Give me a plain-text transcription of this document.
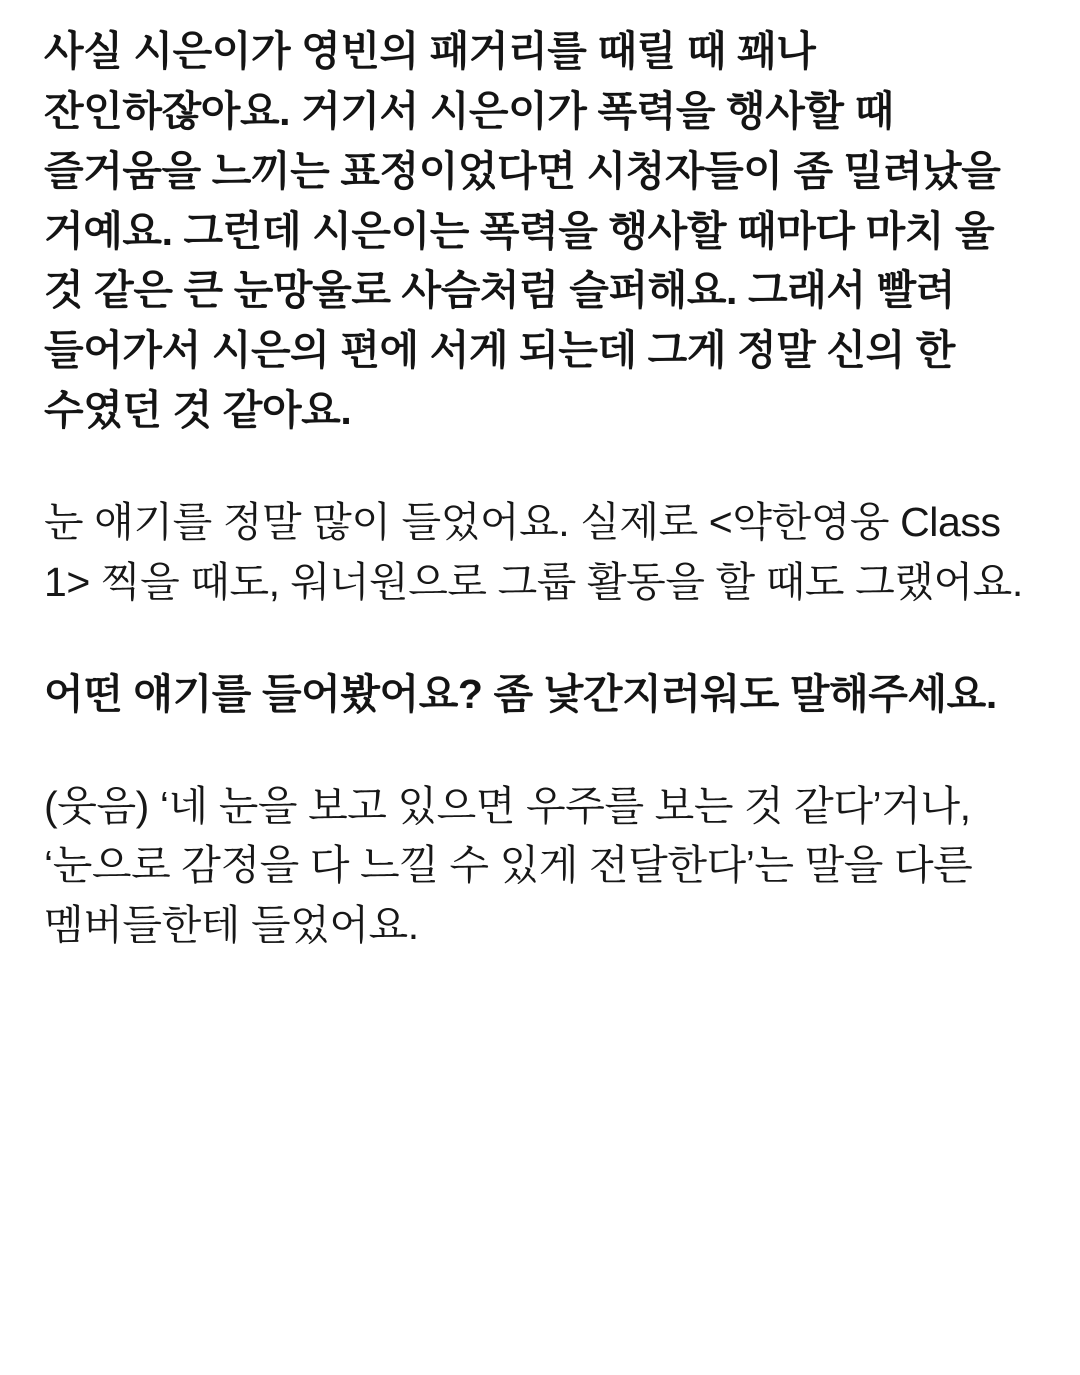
사실 시은이가 영빈의 패거리를 때릴 때 꽤나 잔인하잖아요. 거기서 시은이가 폭력을 행사할 때 즐거움을 느끼는 표정이었다면 시청자들이 좀 밀려났을 거예요. 그런데 시은이는 폭력을 행사할 때마다 마치 울 것 같은 큰 눈망울로 사슴처럼 슬퍼해요. 그래서 빨려 들어가서 시은의 편에 서게 되는데 그게 정말 신의 한 수였던 것 같아요.

눈 얘기를 정말 많이 들었어요. 실제로 <약한영웅 Class 1> 찍을 때도, 워너원으로 그룹 활동을 할 때도 그랬어요.

어떤 얘기를 들어봤어요? 좀 낯간지러워도 말해주세요.

(웃음) ‘네 눈을 보고 있으면 우주를 보는 것 같다’거나, ‘눈으로 감정을 다 느낄 수 있게 전달한다’는 말을 다른 멤버들한테 들었어요.
